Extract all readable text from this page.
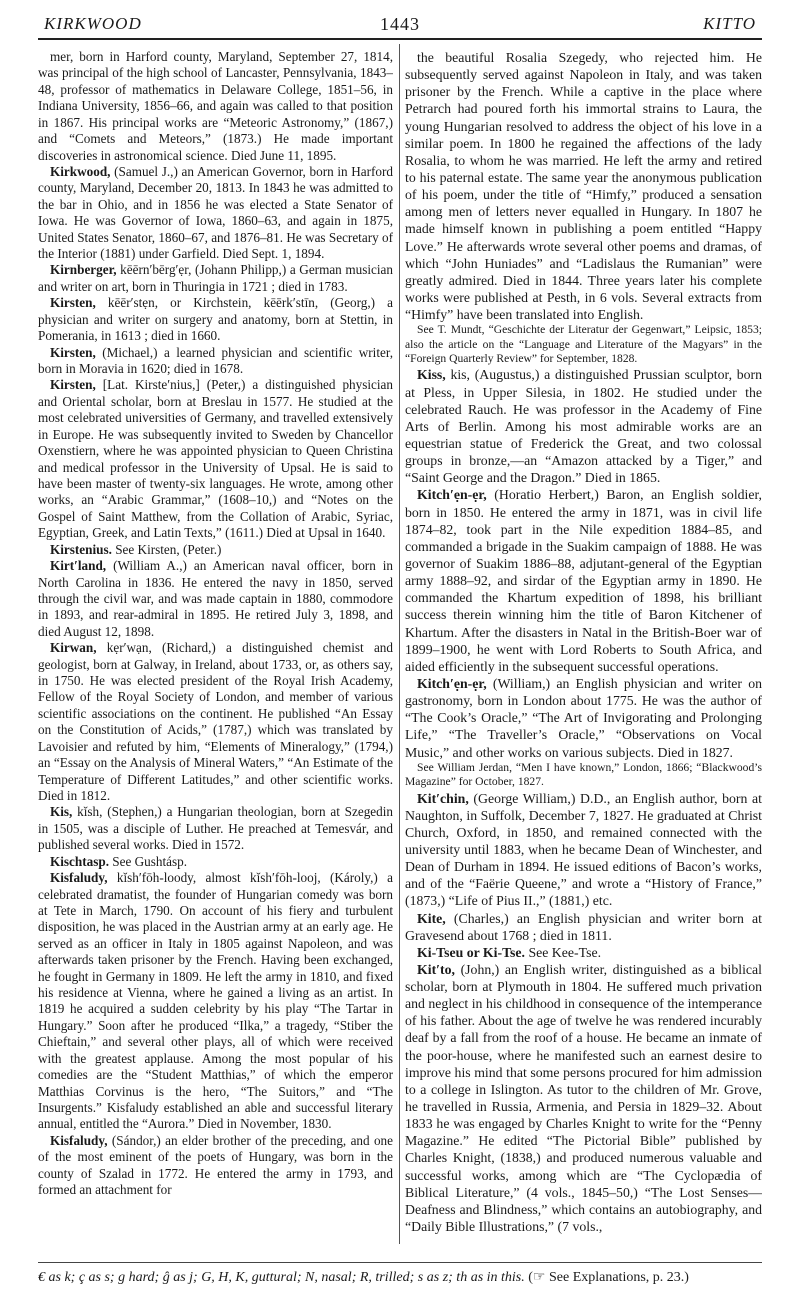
KIRKWOOD	1443	KITTO

mer, born in Harford county, Maryland, September 27, 1814, was principal of the high school of Lancaster, Pennsylvania, 1843–48, professor of mathematics in Delaware College, 1851–56, in Indiana University, 1856–66, and again was called to that position in 1867. His principal works are “Meteoric Astronomy,” (1867,) and “Comets and Meteors,” (1873.) He made important discoveries in astronomical science. Died June 11, 1895.

Kirkwood, (Samuel J.,) an American Governor, born in Harford county, Maryland, December 20, 1813. In 1843 he was admitted to the bar in Ohio, and in 1856 he was elected a State Senator of Iowa. He was Governor of Iowa, 1860–63, and again in 1875, United States Senator, 1860–67, and 1876–81. He was Secretary of the Interior (1881) under Garfield. Died Sept. 1, 1894.

Kirnberger, kēērn′bērg′ẹr, (Johann Philipp,) a German musician and writer on art, born in Thuringia in 1721 ; died in 1783.

Kirsten, kēēr′stẹn, or Kirchstein, kēērk′stīn, (Georg,) a physician and writer on surgery and anatomy, born at Stettin, in Pomerania, in 1613 ; died in 1660.

Kirsten, (Michael,) a learned physician and scientific writer, born in Moravia in 1620; died in 1678.

Kirsten, [Lat. Kirste′nius,] (Peter,) a distinguished physician and Oriental scholar, born at Breslau in 1577. He studied at the most celebrated universities of Germany, and travelled extensively in Europe. He was subsequently invited to Sweden by Chancellor Oxenstiern, where he was appointed physician to Queen Christina and medical professor in the University of Upsal. He is said to have been master of twenty-six languages. He wrote, among other works, an “Arabic Grammar,” (1608–10,) and “Notes on the Gospel of Saint Matthew, from the Collation of Arabic, Syriac, Egyptian, Greek, and Latin Texts,” (1611.) Died at Upsal in 1640.

Kirstenius. See Kirsten, (Peter.)

Kirt′land, (William A.,) an American naval officer, born in North Carolina in 1836. He entered the navy in 1850, served through the civil war, and was made captain in 1880, commodore in 1893, and rear-admiral in 1895. He retired July 3, 1898, and died August 12, 1898.

Kirwan, kẹr′wạn, (Richard,) a distinguished chemist and geologist, born at Galway, in Ireland, about 1733, or, as others say, in 1750. He was elected president of the Royal Irish Academy, Fellow of the Royal Society of London, and member of various scientific associations on the continent. He published “An Essay on the Constitution of Acids,” (1787,) which was translated by Lavoisier and refuted by him, “Elements of Mineralogy,” (1794,) an “Essay on the Analysis of Mineral Waters,” “An Estimate of the Temperature of Different Latitudes,” and other scientific works. Died in 1812.

Kis, kĭsh, (Stephen,) a Hungarian theologian, born at Szegedin in 1505, was a disciple of Luther. He preached at Temesvár, and published several works. Died in 1572.

Kischtasp. See Gushtásp.

Kisfaludy, kĭsh′fōh-loody, almost kĭsh′fōh-looj, (Károly,) a celebrated dramatist, the founder of Hungarian comedy was born at Tete in March, 1790. On account of his fiery and turbulent disposition, he was placed in the Austrian army at an early age. He served as an officer in Italy in 1805 against Napoleon, and was afterwards taken prisoner by the French. Having been exchanged, he fought in Germany in 1809. He left the army in 1810, and fixed his residence at Vienna, where he gained a living as an artist. In 1819 he acquired a sudden celebrity by his play “The Tartar in Hungary.” Soon after he produced “Ilka,” a tragedy, “Stiber the Chieftain,” and several other plays, all of which were received with the greatest applause. Among the most popular of his comedies are the “Student Matthias,” of which the emperor Matthias Corvinus is the hero, “The Suitors,” and “The Insurgents.” Kisfaludy established an able and successful literary annual, entitled the “Aurora.” Died in November, 1830.

Kisfaludy, (Sándor,) an elder brother of the preceding, and one of the most eminent of the poets of Hungary, was born in the county of Szalad in 1772. He entered the army in 1793, and formed an attachment for

the beautiful Rosalia Szegedy, who rejected him. He subsequently served against Napoleon in Italy, and was taken prisoner by the French. While a captive in the place where Petrarch had poured forth his immortal strains to Laura, the young Hungarian resolved to address the object of his love in a similar poem. In 1800 he regained the affections of the lady Rosalia, to whom he was married. He left the army and retired to his paternal estate. The same year the anonymous publication of his poem, under the title of “Himfy,” produced a sensation among men of letters never equalled in Hungary. In 1807 he made himself known in publishing a poem entitled “Happy Love.” He afterwards wrote several other poems and dramas, of which “John Huniades” and “Ladislaus the Rumanian” were greatly admired. Died in 1844. Three years later his complete works were published at Pesth, in 6 vols. Several extracts from “Himfy” have been translated into English.

See T. Mundt, “Geschichte der Literatur der Gegenwart,” Leipsic, 1853; also the article on the “Language and Literature of the Magyars” in the “Foreign Quarterly Review” for September, 1828.

Kiss, kis, (Augustus,) a distinguished Prussian sculptor, born at Pless, in Upper Silesia, in 1802. He studied under the celebrated Rauch. He was professor in the Academy of Fine Arts of Berlin. Among his most admirable works are an equestrian statue of Frederick the Great, and two colossal groups in bronze,—an “Amazon attacked by a Tiger,” and “Saint George and the Dragon.” Died in 1865.

Kitch′ẹn-ẹr, (Horatio Herbert,) Baron, an English soldier, born in 1850. He entered the army in 1871, was in civil life 1874–82, took part in the Nile expedition 1884–85, and commanded a brigade in the Suakim campaign of 1888. He was governor of Suakim 1886–88, adjutant-general of the Egyptian army 1888–92, and sirdar of the Egyptian army in 1890. He commanded the Khartum expedition of 1898, his brilliant success therein winning him the title of Baron Kitchener of Khartum. After the disasters in Natal in the British-Boer war of 1899–1900, he went with Lord Roberts to South Africa, and aided efficiently in the subsequent successful operations.

Kitch′ẹn-ẹr, (William,) an English physician and writer on gastronomy, born in London about 1775. He was the author of “The Cook’s Oracle,” “The Art of Invigorating and Prolonging Life,” “The Traveller’s Oracle,” “Observations on Vocal Music,” and other works on various subjects. Died in 1827.

See William Jerdan, “Men I have known,” London, 1866; “Blackwood’s Magazine” for October, 1827.

Kit′chin, (George William,) D.D., an English author, born at Naughton, in Suffolk, December 7, 1827. He graduated at Christ Church, Oxford, in 1850, and remained connected with the university until 1883, when he became Dean of Winchester, and Dean of Durham in 1894. He issued editions of Bacon’s works, and of the “Faërie Queene,” and wrote a “History of France,” (1873,) “Life of Pius II.,” (1881,) etc.

Kite, (Charles,) an English physician and writer born at Gravesend about 1768 ; died in 1811.

Ki-Tseu or Ki-Tse. See Kee-Tse.

Kit′to, (John,) an English writer, distinguished as a biblical scholar, born at Plymouth in 1804. He suffered much privation and neglect in his childhood in consequence of the intemperance of his father. About the age of twelve he was rendered incurably deaf by a fall from the roof of a house. He became an inmate of the poor-house, where he manifested such an earnest desire to improve his mind that some persons procured for him admission to a college in Islington. As tutor to the children of Mr. Grove, he travelled in Russia, Armenia, and Persia in 1829–32. About 1833 he was engaged by Charles Knight to write for the “Penny Magazine.” He edited “The Pictorial Bible” published by Charles Knight, (1838,) and produced numerous valuable and successful works, among which are “The Cyclopædia of Biblical Literature,” (4 vols., 1845–50,) “The Lost Senses—Deafness and Blindness,” which contains an autobiography, and “Daily Bible Illustrations,” (7 vols.,

€ as k; ç as s; g hard; ĝ as j; G, H, K, guttural; N, nasal; R, trilled; s as z; th as in this. (☞ See Explanations, p. 23.)
